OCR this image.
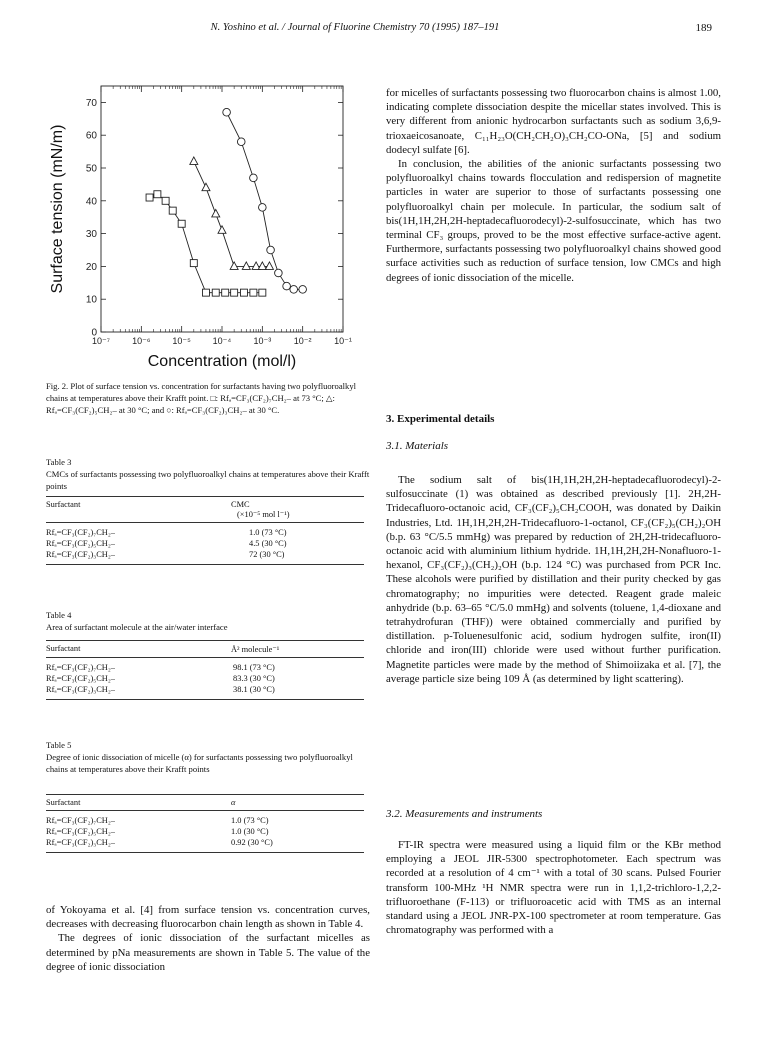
N. Yoshino et al. / Journal of Fluorine Chemistry 70 (1995) 187–191	189
10⁻⁷ 10⁻⁶ 10⁻⁵ 10⁻⁴ 10⁻³	10⁻²	10⁻¹
0
10
20
30
40
50
60
70
Concentration (mol/l)
Surface tension (mN/m)
Fig. 2. Plot of surface tension vs. concentration for surfactants having two polyfluoroalkyl chains at temperatures above their Krafft point. □: Rfₐ=CF₃(CF₂)₇CH₂– at 73 °C; △: Rfₐ=CF₃(CF₂)₅CH₂– at 30 °C; and ○: Rfₐ=CF₃(CF₂)₃CH₂– at 30 °C.
Table 3
CMCs of surfactants possessing two polyfluoroalkyl chains at temperatures above their Krafft points
Surfactant	CMC
(×10⁻⁵ mol l⁻¹)

Rfₐ=CF₃(CF₂)₇CH₂–	1.0 (73 °C)
Rfₐ=CF₃(CF₂)₅CH₂–	4.5 (30 °C)
Rfₐ=CF₃(CF₂)₃CH₂–	72 (30 °C)
Table 4
Area of surfactant molecule at the air/water interface
Surfactant	Å² molecule⁻¹
Rfₐ=CF₃(CF₂)₇CH₂–	98.1 (73 °C)
Rfₐ=CF₃(CF₂)₅CH₂–	83.3 (30 °C)
Rfₐ=CF₃(CF₂)₃CH₂–	38.1 (30 °C)
Table 5
Degree of ionic dissociation of micelle (α) for surfactants possessing two polyfluoroalkyl chains at temperatures above their Krafft points
Surfactant	α
Rfₐ=CF₃(CF₂)₇CH₂–	1.0 (73 °C)
Rfₐ=CF₃(CF₂)₅CH₂–	1.0 (30 °C)
Rfₐ=CF₃(CF₂)₃CH₂–	0.92 (30 °C)

of Yokoyama et al. [4] from surface tension vs. concentration curves, decreases with decreasing fluorocarbon chain length as shown in Table 4.

The degrees of ionic dissociation of the surfactant micelles as determined by pNa measurements are shown in Table 5. The value of the degree of ionic dissociation

for micelles of surfactants possessing two fluorocarbon chains is almost 1.00, indicating complete dissociation despite the micellar states involved. This is very different from anionic hydrocarbon surfactants such as sodium 3,6,9-trioxaeicosanoate, C₁₁H₂₃O(CH₂CH₂O)₃CH₂CO-ONa, [5] and sodium dodecyl sulfate [6].

In conclusion, the abilities of the anionic surfactants possessing two polyfluoroalkyl chains towards flocculation and redispersion of magnetite particles in water are superior to those of surfactants possessing one polyfluoroalkyl chain per molecule. In particular, the sodium salt of bis(1H,1H,2H,2H-heptadecafluorodecyl)-2-sulfosuccinate, which has two terminal CF₃ groups, proved to be the most effective surface-active agent. Furthermore, surfactants possessing two polyfluoroalkyl chains showed good surface activities such as reduction of surface tension, low CMCs and high degrees of ionic dissociation of the micelle.

3. Experimental details
3.1. Materials

The sodium salt of bis(1H,1H,2H,2H-heptadecafluorodecyl)-2-sulfosuccinate (1) was obtained as described previously [1]. 2H,2H-Tridecafluoro-octanoic acid, CF₃(CF₂)₅CH₂COOH, was donated by Daikin Industries, Ltd. 1H,1H,2H,2H-Tridecafluoro-1-octanol, CF₃(CF₂)₅(CH₂)₂OH (b.p. 63 °C/5.5 mmHg) was prepared by reduction of 2H,2H-tridecafluoro-octanoic acid with aluminium lithium hydride. 1H,1H,2H,2H-Nonafluoro-1-hexanol, CF₃(CF₂)₃(CH₂)₂OH (b.p. 124 °C) was purchased from PCR Inc. These alcohols were purified by distillation and their purity checked by gas chromatography; no impurities were detected. Reagent grade maleic anhydride (b.p. 63–65 °C/5.0 mmHg) and solvents (toluene, 1,4-dioxane and tetrahydrofuran (THF)) were obtained commercially and purified by distillation. p-Toluenesulfonic acid, sodium hydrogen sulfite, iron(II) chloride and iron(III) chloride were used without further purification. Magnetite particles were made by the method of Shimoiizaka et al. [7], the average particle size being 109 Å (as determined by light scattering).

3.2. Measurements and instruments

FT-IR spectra were measured using a liquid film or the KBr method employing a JEOL JIR-5300 spectrophotometer. Each spectrum was recorded at a resolution of 4 cm⁻¹ with a total of 30 scans. Pulsed Fourier transform 100-MHz ¹H NMR spectra were run in 1,1,2-trichloro-1,2,2-trifluoroethane (F-113) or trifluoroacetic acid with TMS as an internal standard using a JEOL JNR-PX-100 spectrometer at room temperature. Gas chromatography was performed with a
